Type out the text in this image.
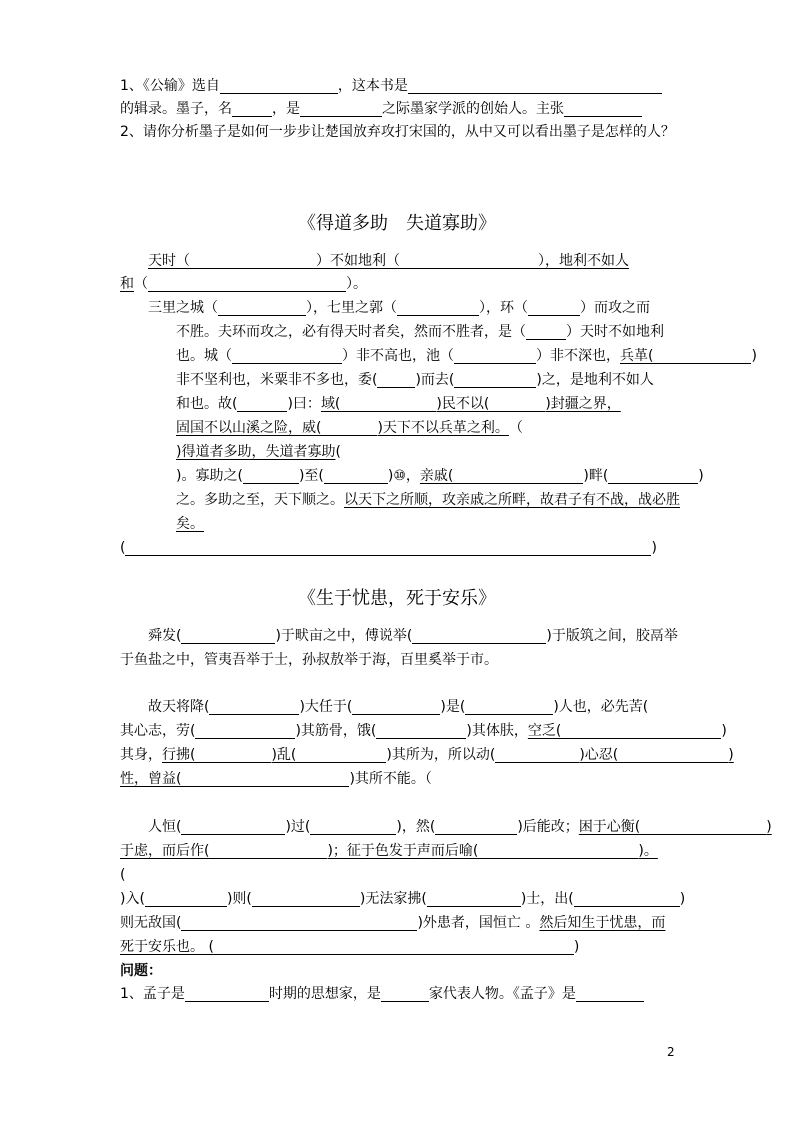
1、《公输》选自	，这本书是
的辑录。墨子，名	，是	之际墨家学派的创始人。主张
2、请你分析墨子是如何一步步让楚国放弃攻打宋国的，从中又可以看出墨子是怎样的人？
天时（	）不如地利（	），地利不如人
和（	）。
三里之城（	），七里之郭（	），环（	）而攻之而
不胜。夫环而攻之，必有得天时者矣，然而不胜者，是（	）天时不如地利
也。城（	）非不高也，池（	）非不深也，兵革(	)
非不坚利也，米粟非不多也，委(	)而去(	)之，是地利不如人
和也。故(	)曰：域(	)民不以(	)封疆之界，
固国不以山溪之险，威(	)天下不以兵革之利。（
)得道者多助，失道者寡助(
)。寡助之(	)至(	)⑩，亲戚(	)畔(	)
之。多助之至，天下顺之。以天下之所顺，攻亲戚之所畔，故君子有不战，战必胜
矣。
(	)
舜发(	)于畎亩之中，傅说举(	)于版筑之间，胶鬲举
于鱼盐之中，管夷吾举于士，孙叔敖举于海，百里奚举于市。
故天将降(	)大任于(	)是(	)人也，必先苦(
其心志，劳(	)其筋骨，饿(	)其体肤，空乏(	)
其身，行拂(	)乱(	)其所为，所以动(	)心忍(	)
性，曾益(	)其所不能。（
人恒(	)过(	)，然(	)后能改；困于心衡(	)
于虑，而后作(	)；征于色发于声而后喻(	)。
(
)入(	)则(	)无法家拂(	)士，出(	)
则无敌国(	)外患者，国恒亡 。然后知生于忧患，而
死于安乐也。 (	)
问题：
1、孟子是	时期的思想家，是	家代表人物。《孟子》是
《得道多助　失道寡助》
《生于忧患，死于安乐》
2
